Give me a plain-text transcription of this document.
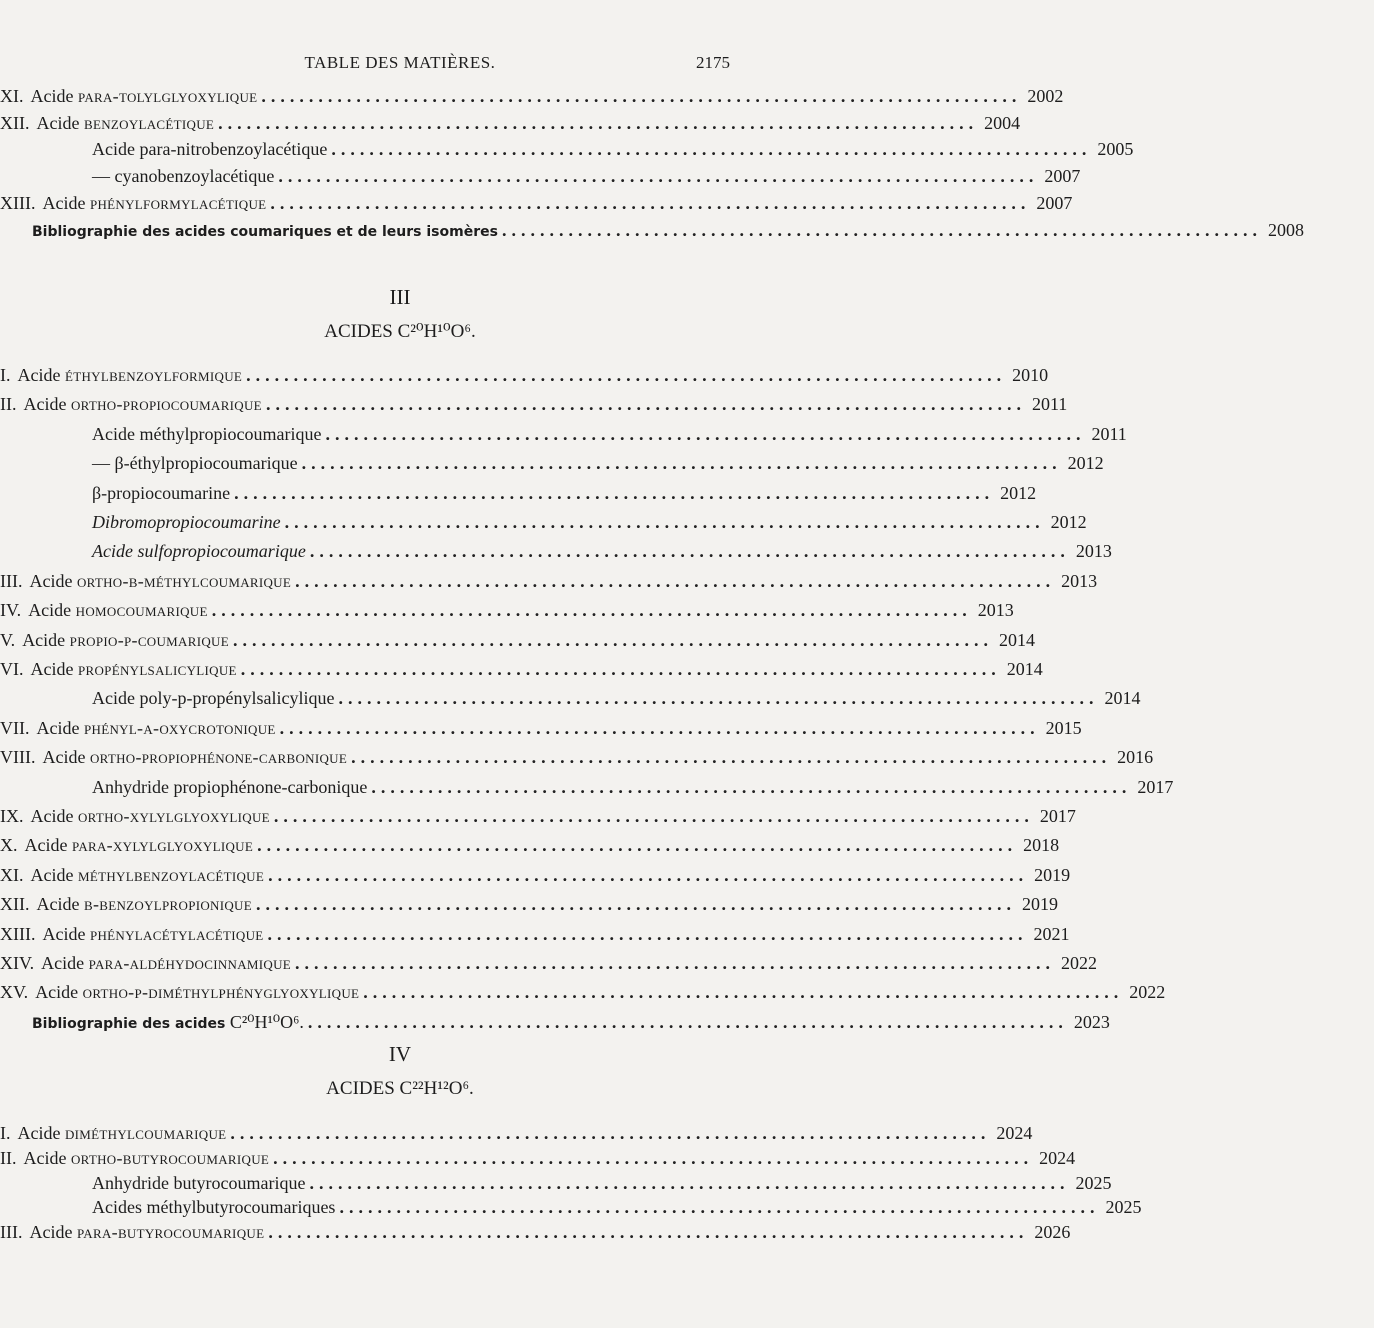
TABLE DES MATIÈRES.	2175
XI. Acide para-tolylglyoxylique ................................................................................ 2002
XII. Acide benzoylacétique ................................................................................ 2004
Acide para-nitrobenzoylacétique ................................................................................ 2005
— cyanobenzoylacétique ................................................................................ 2007
XIII. Acide phénylformylacétique ................................................................................ 2007
Bibliographie des acides coumariques et de leurs isomères ................................................................................ 2008
III
ACIDES C²⁰H¹⁰O⁶.
I. Acide éthylbenzoylformique ................................................................................ 2010
II. Acide ortho-propiocoumarique ................................................................................ 2011
Acide méthylpropiocoumarique ................................................................................ 2011
— β-éthylpropiocoumarique ................................................................................ 2012
β-propiocoumarine ................................................................................ 2012
Dibromopropiocoumarine ................................................................................ 2012
Acide sulfopropiocoumarique ................................................................................ 2013
III. Acide ortho-β-méthylcoumarique ................................................................................ 2013
IV. Acide homocoumarique ................................................................................ 2013
V. Acide propio-p-coumarique ................................................................................ 2014
VI. Acide propénylsalicylique ................................................................................ 2014
Acide poly-p-propénylsalicylique ................................................................................ 2014
VII. Acide phényl-α-oxycrotonique ................................................................................ 2015
VIII. Acide ortho-propiophénone-carbonique ................................................................................ 2016
Anhydride propiophénone-carbonique ................................................................................ 2017
IX. Acide ortho-xylylglyoxylique ................................................................................ 2017
X. Acide para-xylylglyoxylique ................................................................................ 2018
XI. Acide méthylbenzoylacétique ................................................................................ 2019
XII. Acide β-benzoylpropionique ................................................................................ 2019
XIII. Acide phénylacétylacétique ................................................................................ 2021
XIV. Acide para-aldéhydocinnamique ................................................................................ 2022
XV. Acide ortho-p-diméthylphényglyoxylique ................................................................................ 2022
Bibliographie des acides C²⁰H¹⁰O⁶. ................................................................................ 2023
IV
ACIDES C²²H¹²O⁶.
I. Acide diméthylcoumarique ................................................................................ 2024
II. Acide ortho-butyrocoumarique ................................................................................ 2024
Anhydride butyrocoumarique ................................................................................ 2025
Acides méthylbutyrocoumariques ................................................................................ 2025
III. Acide para-butyrocoumarique ................................................................................ 2026
